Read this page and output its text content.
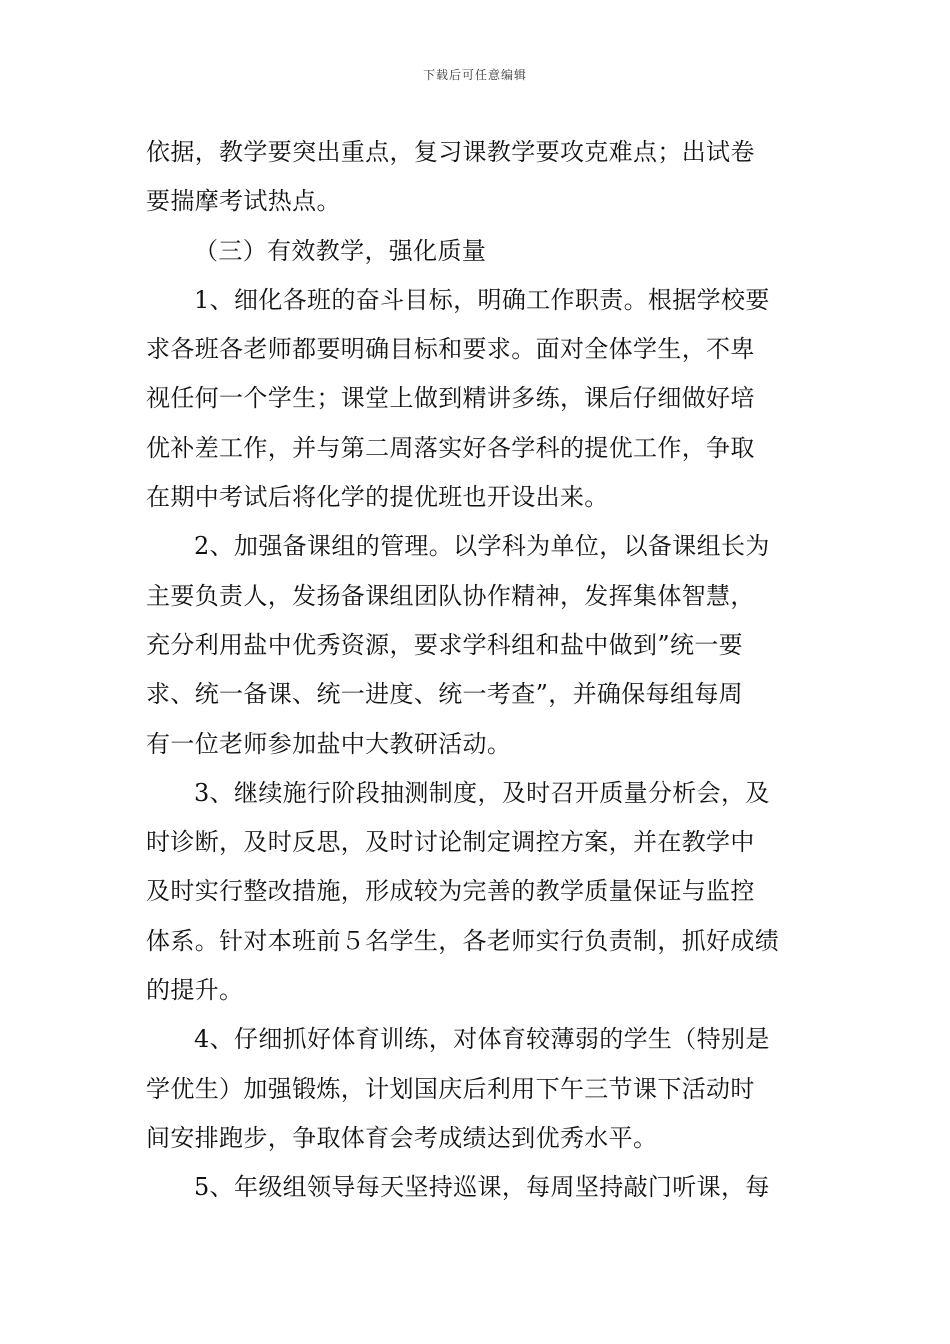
下载后可任意编辑
依据，教学要突出重点，复习课教学要攻克难点；出试卷
要揣摩考试热点。
（三）有效教学，强化质量
1、细化各班的奋斗目标，明确工作职责。根据学校要
求各班各老师都要明确目标和要求。面对全体学生，不卑
视任何一个学生；课堂上做到精讲多练，课后仔细做好培
优补差工作，并与第二周落实好各学科的提优工作，争取
在期中考试后将化学的提优班也开设出来。
2、加强备课组的管理。以学科为单位，以备课组长为
主要负责人，发扬备课组团队协作精神，发挥集体智慧，
充分利用盐中优秀资源，要求学科组和盐中做到”统一要
求、统一备课、统一进度、统一考查”，并确保每组每周
有一位老师参加盐中大教研活动。
3、继续施行阶段抽测制度，及时召开质量分析会，及
时诊断，及时反思，及时讨论制定调控方案，并在教学中
及时实行整改措施，形成较为完善的教学质量保证与监控
体系。针对本班前５名学生，各老师实行负责制，抓好成绩
的提升。
4、仔细抓好体育训练，对体育较薄弱的学生（特别是
学优生）加强锻炼，计划国庆后利用下午三节课下活动时
间安排跑步，争取体育会考成绩达到优秀水平。
5、年级组领导每天坚持巡课，每周坚持敲门听课，每
